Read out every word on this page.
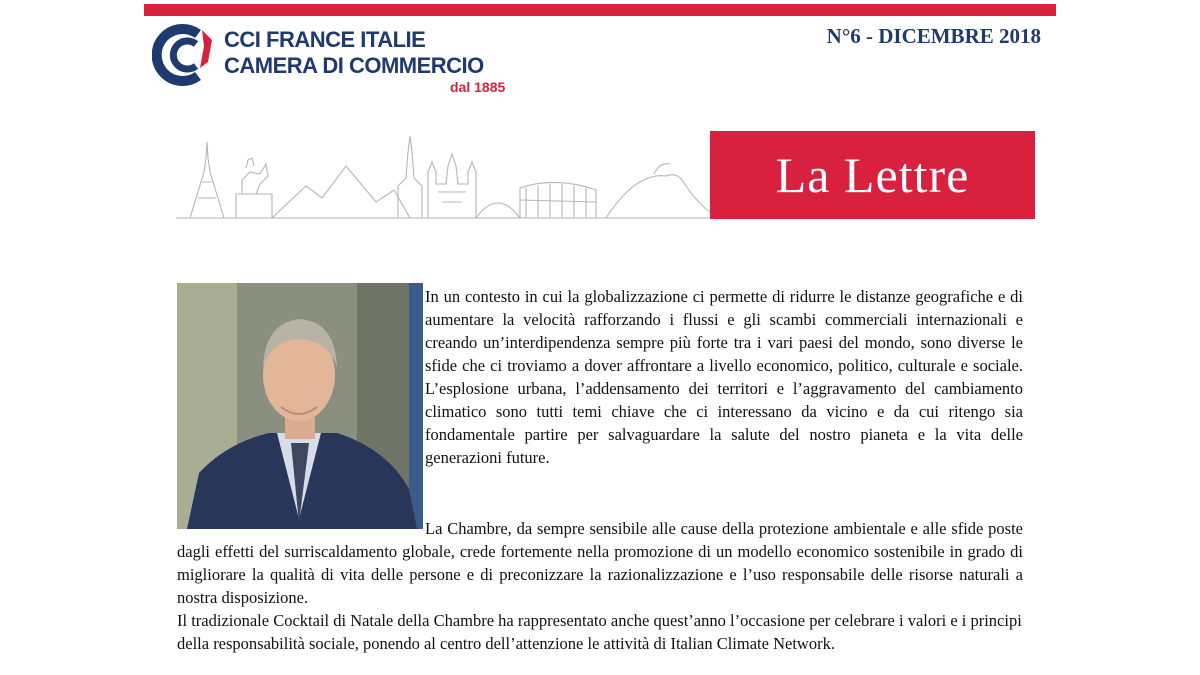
CCI FRANCE ITALIE
CAMERA DI COMMERCIO
dal 1885
N°6 - DICEMBRE 2018
La Lettre
In un contesto in cui la globalizzazione ci permette di ridurre le distanze geografiche e di aumentare la velocità rafforzando i flussi e gli scambi commerciali internazionali e creando un’interdipendenza sempre più forte tra i vari paesi del mondo, sono diverse le sfide che ci troviamo a dover affrontare a livello economico, politico, culturale e sociale. L’esplosione urbana, l’addensamento dei territori e l’aggravamento del cambiamento climatico sono tutti temi chiave che ci interessano da vicino e da cui ritengo sia fondamentale partire per salvaguardare la salute del nostro pianeta e la vita delle generazioni future.
La Chambre, da sempre sensibile alle cause della protezione ambientale e alle sfide poste dagli effetti del surriscaldamento globale, crede fortemente nella promozione di un modello economico sostenibile in grado di migliorare la qualità di vita delle persone e di preconizzare la razionalizzazione e l’uso responsabile delle risorse naturali a nostra disposizione.
Il tradizionale Cocktail di Natale della Chambre ha rappresentato anche quest’anno l’occasione per celebrare i valori e i principi della responsabilità sociale, ponendo al centro dell’attenzione le attività di Italian Climate Network.
